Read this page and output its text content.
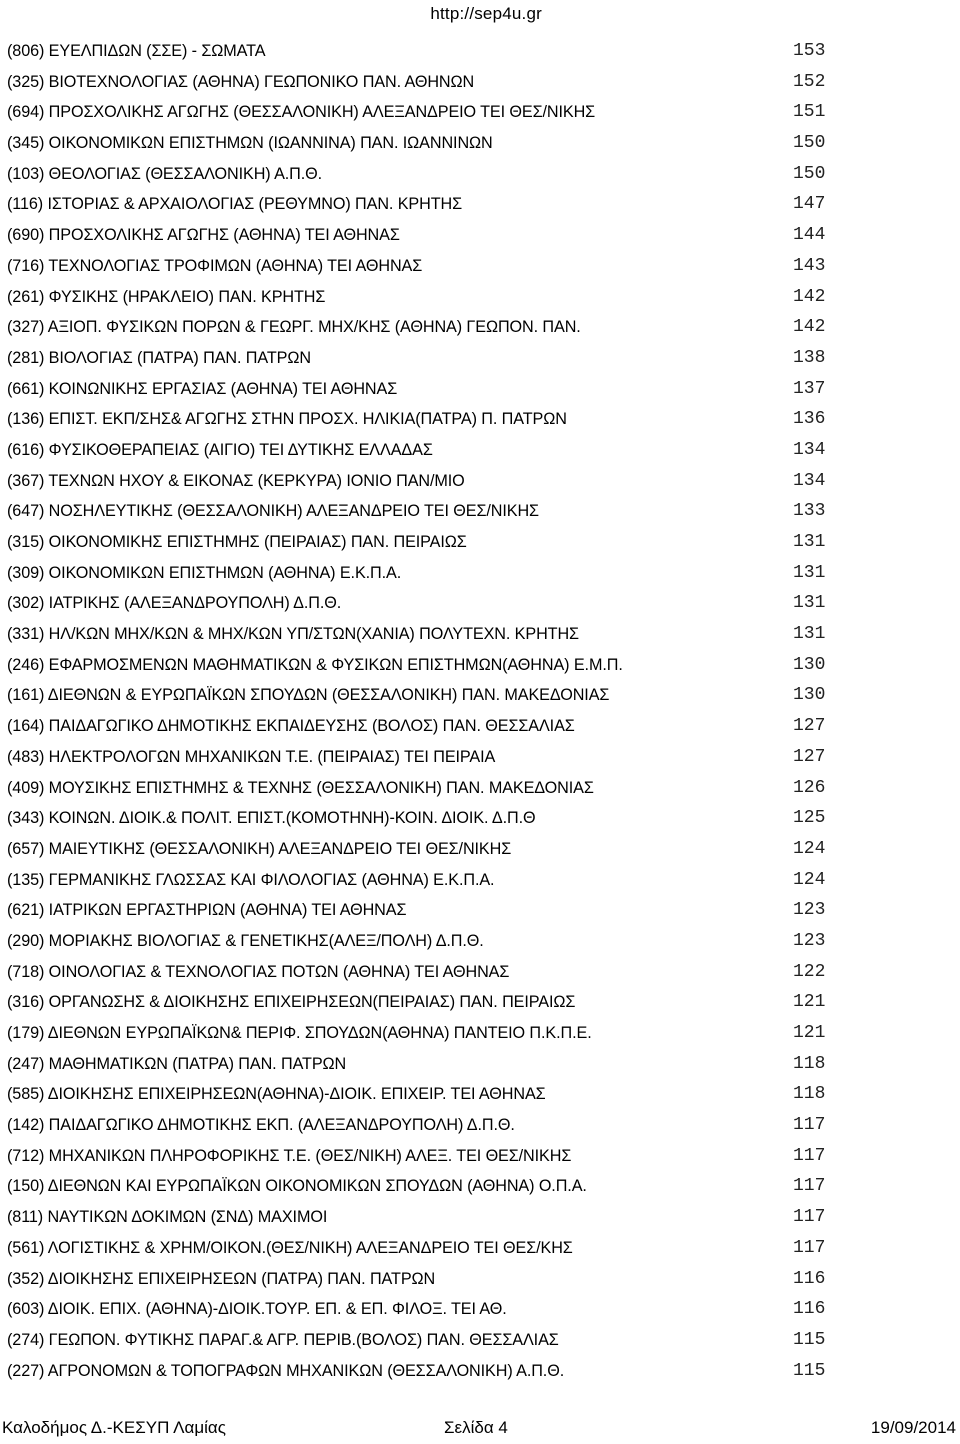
http://sep4u.gr
(806) ΕΥΕΛΠΙΔΩΝ (ΣΣΕ) - ΣΩΜΑΤΑ	153
(325) ΒΙΟΤΕΧΝΟΛΟΓΙΑΣ (ΑΘΗΝΑ) ΓΕΩΠΟΝΙΚΟ ΠΑΝ. ΑΘΗΝΩΝ	152
(694) ΠΡΟΣΧΟΛΙΚΗΣ ΑΓΩΓΗΣ (ΘΕΣΣΑΛΟΝΙΚΗ) ΑΛΕΞΑΝΔΡΕΙΟ ΤΕΙ ΘΕΣ/ΝΙΚΗΣ	151
(345) ΟΙΚΟΝΟΜΙΚΩΝ ΕΠΙΣΤΗΜΩΝ (ΙΩΑΝΝΙΝΑ) ΠΑΝ. ΙΩΑΝΝΙΝΩΝ	150
(103) ΘΕΟΛΟΓΙΑΣ (ΘΕΣΣΑΛΟΝΙΚΗ) Α.Π.Θ.	150
(116) ΙΣΤΟΡΙΑΣ & ΑΡΧΑΙΟΛΟΓΙΑΣ (ΡΕΘΥΜΝΟ) ΠΑΝ. ΚΡΗΤΗΣ	147
(690) ΠΡΟΣΧΟΛΙΚΗΣ ΑΓΩΓΗΣ (ΑΘΗΝΑ) ΤΕΙ ΑΘΗΝΑΣ	144
(716) ΤΕΧΝΟΛΟΓΙΑΣ ΤΡΟΦΙΜΩΝ (ΑΘΗΝΑ) ΤΕΙ ΑΘΗΝΑΣ	143
(261) ΦΥΣΙΚΗΣ (ΗΡΑΚΛΕΙΟ) ΠΑΝ. ΚΡΗΤΗΣ	142
(327) ΑΞΙΟΠ. ΦΥΣΙΚΩΝ ΠΟΡΩΝ & ΓΕΩΡΓ. ΜΗΧ/ΚΗΣ (ΑΘΗΝΑ) ΓΕΩΠΟΝ. ΠΑΝ.	142
(281) ΒΙΟΛΟΓΙΑΣ (ΠΑΤΡΑ) ΠΑΝ. ΠΑΤΡΩΝ	138
(661) ΚΟΙΝΩΝΙΚΗΣ ΕΡΓΑΣΙΑΣ (ΑΘΗΝΑ) ΤΕΙ ΑΘΗΝΑΣ	137
(136) ΕΠΙΣΤ. ΕΚΠ/ΣΗΣ& ΑΓΩΓΗΣ ΣΤΗΝ ΠΡΟΣΧ. ΗΛΙΚΙΑ(ΠΑΤΡΑ) Π. ΠΑΤΡΩΝ	136
(616) ΦΥΣΙΚΟΘΕΡΑΠΕΙΑΣ (ΑΙΓΙΟ) ΤΕΙ ΔΥΤΙΚΗΣ ΕΛΛΑΔΑΣ	134
(367) ΤΕΧΝΩΝ ΗΧΟΥ & ΕΙΚΟΝΑΣ (ΚΕΡΚΥΡΑ) ΙΟΝΙΟ ΠΑΝ/ΜΙΟ	134
(647) ΝΟΣΗΛΕΥΤΙΚΗΣ (ΘΕΣΣΑΛΟΝΙΚΗ) ΑΛΕΞΑΝΔΡΕΙΟ ΤΕΙ ΘΕΣ/ΝΙΚΗΣ	133
(315) ΟΙΚΟΝΟΜΙΚΗΣ ΕΠΙΣΤΗΜΗΣ (ΠΕΙΡΑΙΑΣ) ΠΑΝ. ΠΕΙΡΑΙΩΣ	131
(309) ΟΙΚΟΝΟΜΙΚΩΝ ΕΠΙΣΤΗΜΩΝ (ΑΘΗΝΑ) Ε.Κ.Π.Α.	131
(302) ΙΑΤΡΙΚΗΣ (ΑΛΕΞΑΝΔΡΟΥΠΟΛΗ) Δ.Π.Θ.	131
(331) ΗΛ/ΚΩΝ ΜΗΧ/ΚΩΝ & ΜΗΧ/ΚΩΝ ΥΠ/ΣΤΩΝ(ΧΑΝΙΑ) ΠΟΛΥΤΕΧΝ. ΚΡΗΤΗΣ	131
(246) ΕΦΑΡΜΟΣΜΕΝΩΝ ΜΑΘΗΜΑΤΙΚΩΝ & ΦΥΣΙΚΩΝ ΕΠΙΣΤΗΜΩΝ(ΑΘΗΝΑ) Ε.Μ.Π.	130
(161) ΔΙΕΘΝΩΝ & ΕΥΡΩΠΑΪΚΩΝ ΣΠΟΥΔΩΝ (ΘΕΣΣΑΛΟΝΙΚΗ) ΠΑΝ. ΜΑΚΕΔΟΝΙΑΣ	130
(164) ΠΑΙΔΑΓΩΓΙΚΟ ΔΗΜΟΤΙΚΗΣ ΕΚΠΑΙΔΕΥΣΗΣ (ΒΟΛΟΣ) ΠΑΝ. ΘΕΣΣΑΛΙΑΣ	127
(483) ΗΛΕΚΤΡΟΛΟΓΩΝ ΜΗΧΑΝΙΚΩΝ Τ.Ε. (ΠΕΙΡΑΙΑΣ) ΤΕΙ ΠΕΙΡΑΙΑ	127
(409) ΜΟΥΣΙΚΗΣ ΕΠΙΣΤΗΜΗΣ & ΤΕΧΝΗΣ (ΘΕΣΣΑΛΟΝΙΚΗ) ΠΑΝ. ΜΑΚΕΔΟΝΙΑΣ	126
(343) ΚΟΙΝΩΝ. ΔΙΟΙΚ.& ΠΟΛΙΤ. ΕΠΙΣΤ.(ΚΟΜΟΤΗΝΗ)-ΚΟΙΝ. ΔΙΟΙΚ. Δ.Π.Θ	125
(657) ΜΑΙΕΥΤΙΚΗΣ (ΘΕΣΣΑΛΟΝΙΚΗ) ΑΛΕΞΑΝΔΡΕΙΟ ΤΕΙ ΘΕΣ/ΝΙΚΗΣ	124
(135) ΓΕΡΜΑΝΙΚΗΣ ΓΛΩΣΣΑΣ ΚΑΙ ΦΙΛΟΛΟΓΙΑΣ (ΑΘΗΝΑ) Ε.Κ.Π.Α.	124
(621) ΙΑΤΡΙΚΩΝ ΕΡΓΑΣΤΗΡΙΩΝ (ΑΘΗΝΑ) ΤΕΙ ΑΘΗΝΑΣ	123
(290) ΜΟΡΙΑΚΗΣ ΒΙΟΛΟΓΙΑΣ & ΓΕΝΕΤΙΚΗΣ(ΑΛΕΞ/ΠΟΛΗ) Δ.Π.Θ.	123
(718) ΟΙΝΟΛΟΓΙΑΣ & ΤΕΧΝΟΛΟΓΙΑΣ ΠΟΤΩΝ (ΑΘΗΝΑ) ΤΕΙ ΑΘΗΝΑΣ	122
(316) ΟΡΓΑΝΩΣΗΣ & ΔΙΟΙΚΗΣΗΣ ΕΠΙΧΕΙΡΗΣΕΩΝ(ΠΕΙΡΑΙΑΣ) ΠΑΝ. ΠΕΙΡΑΙΩΣ	121
(179) ΔΙΕΘΝΩΝ ΕΥΡΩΠΑΪΚΩΝ& ΠΕΡΙΦ. ΣΠΟΥΔΩΝ(ΑΘΗΝΑ) ΠΑΝΤΕΙΟ Π.Κ.Π.Ε.	121
(247) ΜΑΘΗΜΑΤΙΚΩΝ (ΠΑΤΡΑ) ΠΑΝ. ΠΑΤΡΩΝ	118
(585) ΔΙΟΙΚΗΣΗΣ ΕΠΙΧΕΙΡΗΣΕΩΝ(ΑΘΗΝΑ)-ΔΙΟΙΚ. ΕΠΙΧΕΙΡ. ΤΕΙ ΑΘΗΝΑΣ	118
(142) ΠΑΙΔΑΓΩΓΙΚΟ ΔΗΜΟΤΙΚΗΣ ΕΚΠ. (ΑΛΕΞΑΝΔΡΟΥΠΟΛΗ) Δ.Π.Θ.	117
(712) ΜΗΧΑΝΙΚΩΝ ΠΛΗΡΟΦΟΡΙΚΗΣ Τ.Ε. (ΘΕΣ/ΝΙΚΗ) ΑΛΕΞ. ΤΕΙ ΘΕΣ/ΝΙΚΗΣ	117
(150) ΔΙΕΘΝΩΝ ΚΑΙ ΕΥΡΩΠΑΪΚΩΝ ΟΙΚΟΝΟΜΙΚΩΝ ΣΠΟΥΔΩΝ (ΑΘΗΝΑ) Ο.Π.Α.	117
(811) ΝΑΥΤΙΚΩΝ ΔΟΚΙΜΩΝ (ΣΝΔ) ΜΑΧΙΜΟΙ	117
(561) ΛΟΓΙΣΤΙΚΗΣ & ΧΡΗΜ/ΟΙΚΟΝ.(ΘΕΣ/ΝΙΚΗ) ΑΛΕΞΑΝΔΡΕΙΟ ΤΕΙ ΘΕΣ/ΚΗΣ	117
(352) ΔΙΟΙΚΗΣΗΣ ΕΠΙΧΕΙΡΗΣΕΩΝ (ΠΑΤΡΑ) ΠΑΝ. ΠΑΤΡΩΝ	116
(603) ΔΙΟΙΚ. ΕΠΙΧ. (ΑΘΗΝΑ)-ΔΙΟΙΚ.ΤΟΥΡ. ΕΠ. & ΕΠ. ΦΙΛΟΞ. ΤΕΙ ΑΘ.	116
(274) ΓΕΩΠΟΝ. ΦΥΤΙΚΗΣ ΠΑΡΑΓ.& ΑΓΡ. ΠΕΡΙΒ.(ΒΟΛΟΣ) ΠΑΝ. ΘΕΣΣΑΛΙΑΣ	115
(227) ΑΓΡΟΝΟΜΩΝ & ΤΟΠΟΓΡΑΦΩΝ ΜΗΧΑΝΙΚΩΝ (ΘΕΣΣΑΛΟΝΙΚΗ) Α.Π.Θ.	115
Καλοδήμος Δ.-ΚΕΣΥΠ Λαμίας	Σελίδα 4	19/09/2014
